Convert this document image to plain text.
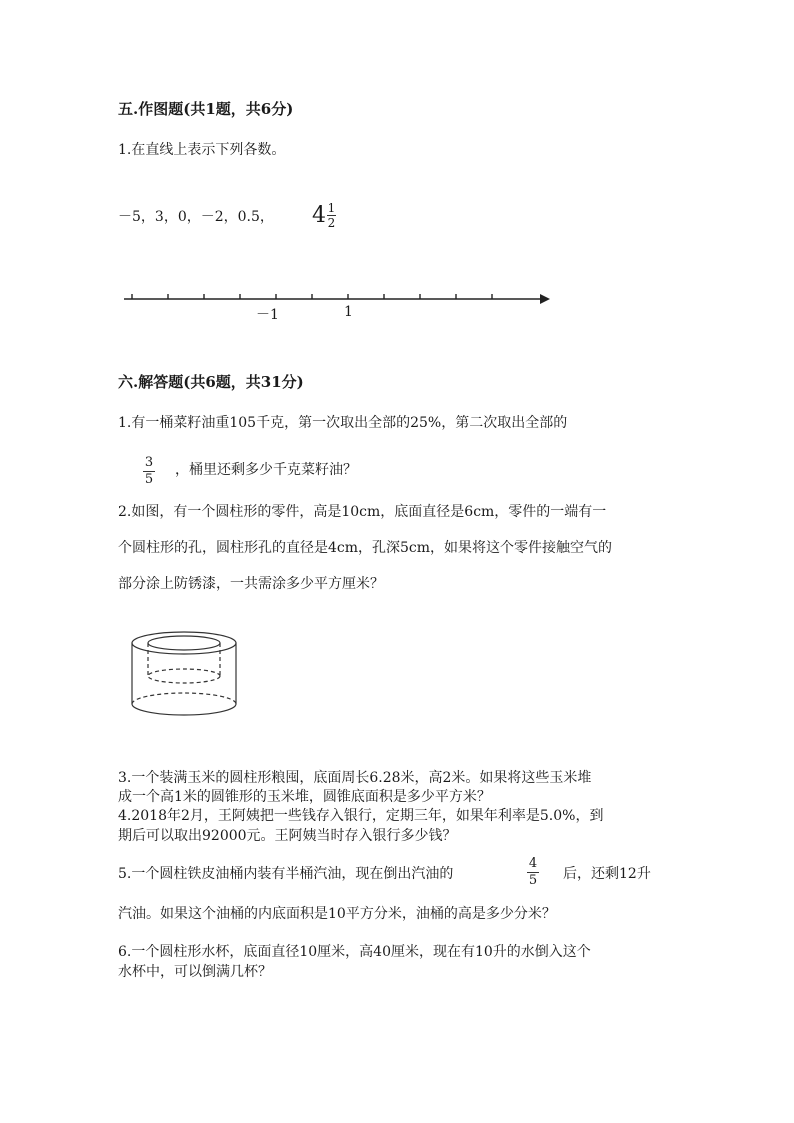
五.作图题(共1题，共6分)
1.在直线上表示下列各数。
－5，3，0，－2，0.5， $4 \frac{1}{2}$
－1	1
六.解答题(共6题，共31分)
1.有一桶菜籽油重105千克，第一次取出全部的25%，第二次取出全部的
3
5
，桶里还剩多少千克菜籽油？
2.如图，有一个圆柱形的零件，高是10cm，底面直径是6cm，零件的一端有一
个圆柱形的孔，圆柱形孔的直径是4cm，孔深5cm，如果将这个零件接触空气的
部分涂上防锈漆，一共需涂多少平方厘米？
3.一个装满玉米的圆柱形粮囤，底面周长6.28米，高2米。如果将这些玉米堆
成一个高1米的圆锥形的玉米堆，圆锥底面积是多少平方米？
4.2018年2月，王阿姨把一些钱存入银行，定期三年，如果年利率是5.0%，到
期后可以取出92000元。王阿姨当时存入银行多少钱？
5.一个圆柱铁皮油桶内装有半桶汽油，现在倒出汽油的
4
5 后，还剩12升
汽油。如果这个油桶的内底面积是10平方分米，油桶的高是多少分米？
6.一个圆柱形水杯，底面直径10厘米，高40厘米，现在有10升的水倒入这个
水杯中，可以倒满几杯？
